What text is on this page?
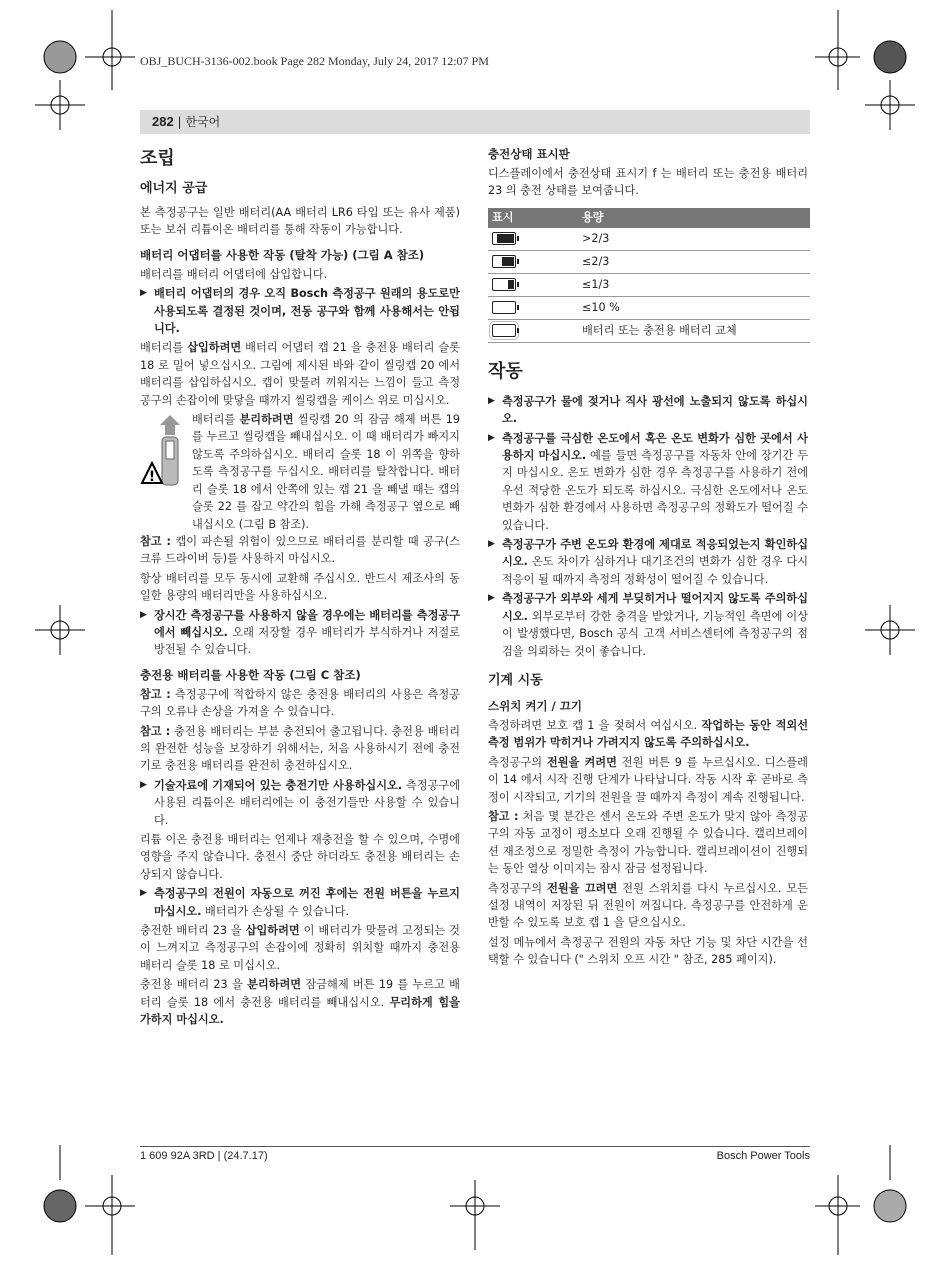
OBJ_BUCH-3136-002.book Page 282 Monday, July 24, 2017 12:07 PM
282 | 한국어
조립
에너지 공급

본 측정공구는 일반 배터리(AA 배터리 LR6 타입 또는 유사 제품) 또는 보쉬 리튬이온 배터리를 통해 작동이 가능합니다.

배터리 어댑터를 사용한 작동 (탈착 가능) (그림 A 참조)

배터리를 배터리 어댑터에 삽입합니다.

▶ 배터리 어댑터의 경우 오직 Bosch 측정공구 원래의 용도로만 사용되도록 결정된 것이며, 전동 공구와 함께 사용해서는 안됩니다.

배터리를 삽입하려면 배터리 어댑터 캡 21 을 충전용 배터리 슬롯 18 로 밀어 넣으십시오. 그림에 제시된 바와 같이 씰링캡 20 에서 배터리를 삽입하십시오. 캡이 맞물려 끼워지는 느낌이 들고 측정공구의 손잡이에 맞닿을 때까지 씰링캡을 케이스 위로 미십시오.

!
배터리를 분리하려면 씰링캡 20 의 잠금 해제 버튼 19 를 누르고 씰링캡을 빼내십시오. 이 때 배터리가 빠지지 않도록 주의하십시오. 배터리 슬롯 18 이 위쪽을 향하도록 측정공구를 두십시오. 배터리를 탈착합니다. 배터리 슬롯 18 에서 안쪽에 있는 캡 21 을 빼낼 때는 캡의 슬롯 22 를 잡고 약간의 힘을 가해 측정공구 옆으로 빼내십시오 (그림 B 참조).

참고 : 캡이 파손될 위험이 있으므로 배터리를 분리할 때 공구(스크류 드라이버 등)를 사용하지 마십시오.

항상 배터리를 모두 동시에 교환해 주십시오. 반드시 제조사의 동일한 용량의 배터리만을 사용하십시오.

▶ 장시간 측정공구를 사용하지 않을 경우에는 배터리를 측정공구에서 빼십시오. 오래 저장할 경우 배터리가 부식하거나 저절로 방전될 수 있습니다.
충전용 배터리를 사용한 작동 (그림 C 참조)

참고 : 측정공구에 적합하지 않은 충전용 배터리의 사용은 측정공구의 오류나 손상을 가져올 수 있습니다.

참고 : 충전용 배터리는 부분 충전되어 출고됩니다. 충전용 배터리의 완전한 성능을 보장하기 위해서는, 처음 사용하시기 전에 충전기로 충전용 배터리를 완전히 충전하십시오.

▶ 기술자료에 기재되어 있는 충전기만 사용하십시오. 측정공구에 사용된 리튬이온 배터리에는 이 충전기들만 사용할 수 있습니다.

리튬 이온 충전용 배터리는 언제나 재충전을 할 수 있으며, 수명에 영향을 주지 않습니다. 충전시 중단 하더라도 충전용 배터리는 손상되지 않습니다.

▶ 측정공구의 전원이 자동으로 꺼진 후에는 전원 버튼을 누르지 마십시오. 배터리가 손상될 수 있습니다.

충전한 배터리 23 을 삽입하려면 이 배터리가 맞물려 고정되는 것이 느껴지고 측정공구의 손잡이에 정확히 위치할 때까지 충전용 배터리 슬롯 18 로 미십시오.

충전용 배터리 23 을 분리하려면 잠금해제 버튼 19 를 누르고 배터리 슬롯 18 에서 충전용 배터리를 빼내십시오. 무리하게 힘을 가하지 마십시오.

충전상태 표시판

디스플레이에서 충전상태 표시기 f 는 배터리 또는 충전용 배터리 23 의 충전 상태를 보여줍니다.

표시	용량

	>2/3

	≤2/3

	≤1/3
	≤10 %
	배터리 또는 충전용 배터리 교체
작동
▶ 측정공구가 물에 젖거나 직사 광선에 노출되지 않도록 하십시오.
▶ 측정공구를 극심한 온도에서 혹은 온도 변화가 심한 곳에서 사용하지 마십시오. 예를 들면 측정공구를 자동차 안에 장기간 두지 마십시오. 온도 변화가 심한 경우 측정공구를 사용하기 전에 우선 적당한 온도가 되도록 하십시오. 극심한 온도에서나 온도 변화가 심한 환경에서 사용하면 측정공구의 정확도가 떨어질 수 있습니다.
▶ 측정공구가 주변 온도와 환경에 제대로 적응되었는지 확인하십시오. 온도 차이가 심하거나 대기조건의 변화가 심한 경우 다시 적응이 될 때까지 측정의 정확성이 떨어질 수 있습니다.
▶ 측정공구가 외부와 세게 부딪히거나 떨어지지 않도록 주의하십시오. 외부로부터 강한 충격을 받았거나, 기능적인 측면에 이상이 발생했다면, Bosch 공식 고객 서비스센터에 측정공구의 점검을 의뢰하는 것이 좋습니다.
기계 시동
스위치 켜기 / 끄기

측정하려면 보호 캡 1 을 젖혀서 여십시오. 작업하는 동안 적외선 측정 범위가 막히거나 가려지지 않도록 주의하십시오.

측정공구의 전원을 켜려면 전원 버튼 9 를 누르십시오. 디스플레이 14 에서 시작 진행 단계가 나타납니다. 작동 시작 후 곧바로 측정이 시작되고, 기기의 전원을 끌 때까지 측정이 계속 진행됩니다.

참고 : 처음 몇 분간은 센서 온도와 주변 온도가 맞지 않아 측정공구의 자동 교정이 평소보다 오래 진행될 수 있습니다. 캘리브레이션 재조정으로 정밀한 측정이 가능합니다. 캘리브레이션이 진행되는 동안 열상 이미지는 잠시 잠금 설정됩니다.

측정공구의 전원을 끄려면 전원 스위치를 다시 누르십시오. 모든 설정 내역이 저장된 뒤 전원이 꺼집니다. 측정공구를 안전하게 운반할 수 있도록 보호 캡 1 을 닫으십시오.

설정 메뉴에서 측정공구 전원의 자동 차단 기능 및 차단 시간을 선택할 수 있습니다 (" 스위치 오프 시간 " 참조, 285 페이지).

1 609 92A 3RD | (24.7.17)	Bosch Power Tools
